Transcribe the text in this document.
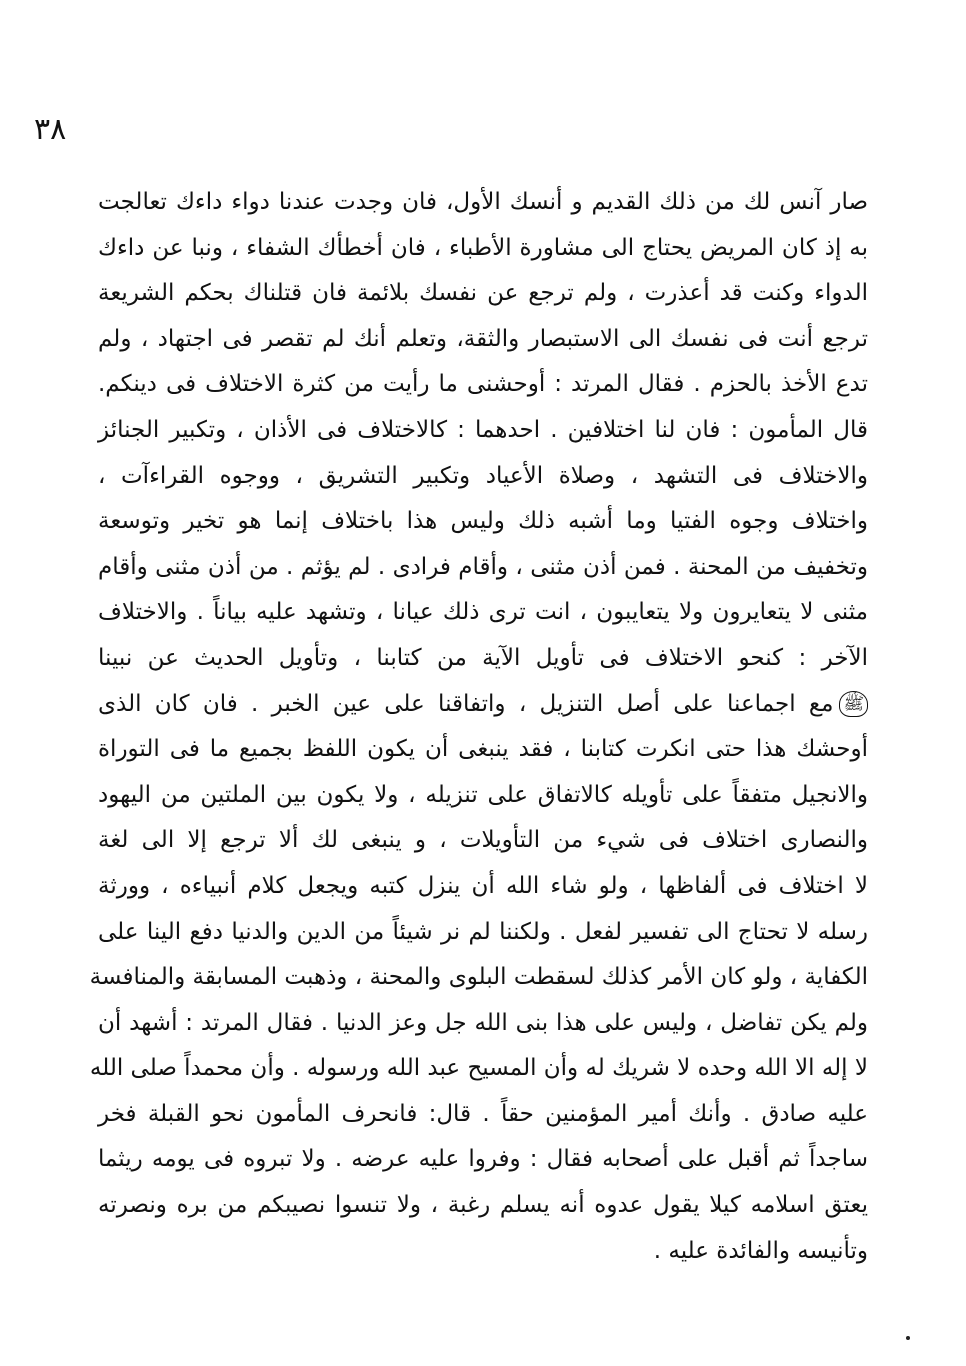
٣٨
صار آنس لك من ذلك القديم و أنسك الأول، فان وجدت عندنا دواء داءك تعالجت
به إذ كان المريض يحتاج الى مشاورة الأطباء ، فان أخطأك الشفاء ، ونبا عن داءك
الدواء وكنت قد أعذرت ، ولم ترجع عن نفسك بلائمة فان قتلناك بحكم الشريعة
ترجع أنت فى نفسك الى الاستبصار والثقة، وتعلم أنك لم تقصر فى اجتهاد ، ولم
تدع الأخذ بالحزم . فقال المرتد : أوحشنى ما رأيت من كثرة الاختلاف فى دينكم.
قال المأمون : فان لنا اختلافين . احدهما : كالاختلاف فى الأذان ، وتكبير الجنائز
والاختلاف فى التشهد ، وصلاة الأعياد وتكبير التشريق ، ووجوه القراءآت ،
واختلاف وجوه الفتيا وما أشبه ذلك وليس هذا باختلاف إنما هو تخير وتوسعة
وتخفيف من المحنة . فمن أذن مثنى ، وأقام فرادى . لم يؤثم . من أذن مثنى وأقام
مثنى لا يتعايرون ولا يتعايبون ، انت ترى ذلك عيانا ، وتشهد عليه بياناً . والاختلاف
الآخر : كنحو الاختلاف فى تأويل الآية من كتابنا ، وتأويل الحديث عن نبينا
ﷺمع اجماعنا على أصل التنزيل ، واتفاقنا على عين الخبر . فان كان الذى
أوحشك هذا حتى انكرت كتابنا ، فقد ينبغى أن يكون اللفظ بجميع ما فى التوراة
والانجيل متفقاً على تأويله كالاتفاق على تنزيله ، ولا يكون بين الملتين من اليهود
والنصارى اختلاف فى شيء من التأويلات ، و ينبغى لك ألا ترجع إلا الى لغة
لا اختلاف فى ألفاظها ، ولو شاء الله أن ينزل كتبه ويجعل كلام أنبياءه ، وورثة
رسله لا تحتاج الى تفسير لفعل . ولكننا لم نر شيئاً من الدين والدنيا دفع الينا على
الكفاية ، ولو كان الأمر كذلك لسقطت البلوى والمحنة ، وذهبت المسابقة والمنافسة
ولم يكن تفاضل ، وليس على هذا بنى الله جل وعز الدنيا . فقال المرتد : أشهد أن
لا إله الا الله وحده لا شريك له وأن المسيح عبد الله ورسوله . وأن محمداً صلى الله
عليه صادق . وأنك أمير المؤمنين حقاً . قال: فانحرف المأمون نحو القبلة فخر
ساجداً ثم أقبل على أصحابه فقال : وفروا عليه عرضه . ولا تبروه فى يومه ريثما
يعتق اسلامه كيلا يقول عدوه أنه يسلم رغبة ، ولا تنسوا نصيبكم من بره ونصرته
وتأنيسه والفائدة عليه .
